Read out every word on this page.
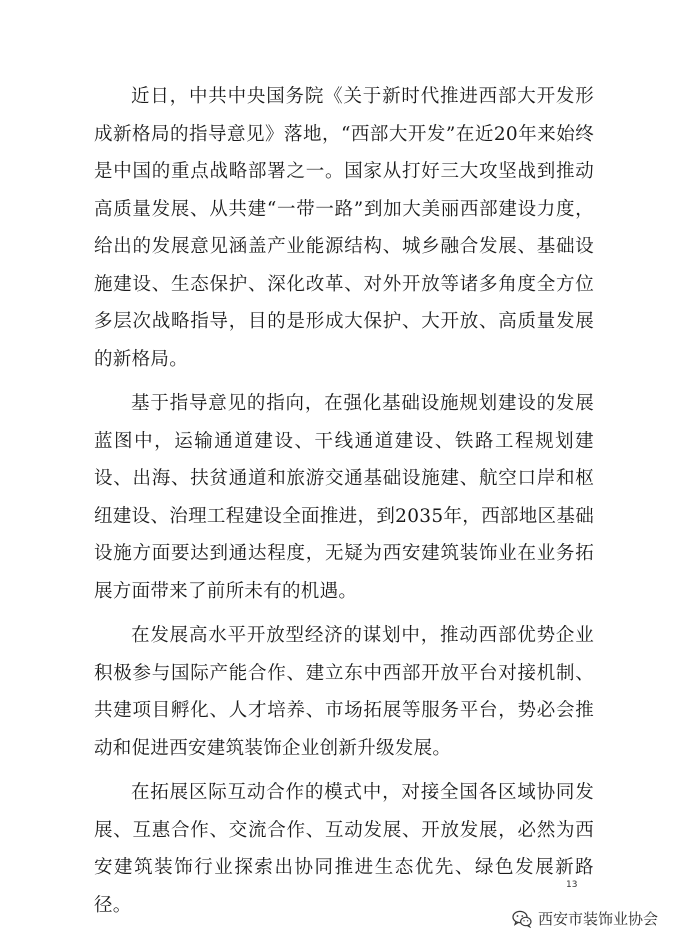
近日，中共中央国务院《关于新时代推进西部大开发形成新格局的指导意见》落地，“西部大开发”在近20年来始终是中国的重点战略部署之一。国家从打好三大攻坚战到推动高质量发展、从共建“一带一路”到加大美丽西部建设力度，给出的发展意见涵盖产业能源结构、城乡融合发展、基础设施建设、生态保护、深化改革、对外开放等诸多角度全方位多层次战略指导，目的是形成大保护、大开放、高质量发展的新格局。

基于指导意见的指向，在强化基础设施规划建设的发展蓝图中，运输通道建设、干线通道建设、铁路工程规划建设、出海、扶贫通道和旅游交通基础设施建、航空口岸和枢纽建设、治理工程建设全面推进，到2035年，西部地区基础设施方面要达到通达程度，无疑为西安建筑装饰业在业务拓展方面带来了前所未有的机遇。

在发展高水平开放型经济的谋划中，推动西部优势企业积极参与国际产能合作、建立东中西部开放平台对接机制、共建项目孵化、人才培养、市场拓展等服务平台，势必会推动和促进西安建筑装饰企业创新升级发展。

在拓展区际互动合作的模式中，对接全国各区域协同发展、互惠合作、交流合作、互动发展、开放发展，必然为西安建筑装饰行业探索出协同推进生态优先、绿色发展新路径。

13
西安市装饰业协会
